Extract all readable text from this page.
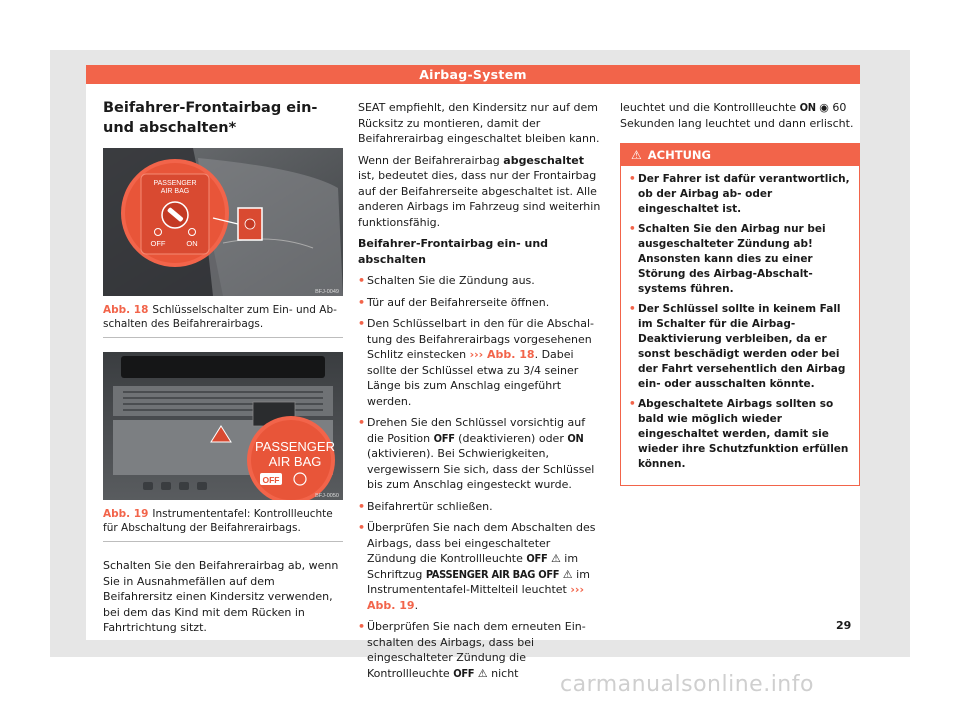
Airbag-System
Beifahrer-Frontairbag ein- und abschalten*
PASSENGER
AIR BAG
OFF	ON
BFJ-0049
Abb. 18 Schlüsselschalter zum Ein- und Abschalten des Beifahrerairbags.
PASSENGER
AIR BAG
OFF
BFJ-0050
Abb. 19 Instrumententafel: Kontrollleuchte für Abschaltung der Beifahrerairbags.

Schalten Sie den Beifahrerairbag ab, wenn Sie in Ausnahmefällen auf dem Beifahrersitz einen Kindersitz verwenden, bei dem das Kind mit dem Rücken in Fahrtrichtung sitzt.

SEAT empfiehlt, den Kindersitz nur auf dem Rücksitz zu montieren, damit der Beifahrerairbag eingeschaltet bleiben kann.

Wenn der Beifahrerairbag abgeschaltet ist, bedeutet dies, dass nur der Frontairbag auf der Beifahrerseite abgeschaltet ist. Alle anderen Airbags im Fahrzeug sind weiterhin funktionsfähig.

Beifahrer-Frontairbag ein- und abschalten
• Schalten Sie die Zündung aus.
• Tür auf der Beifahrerseite öffnen.
• Den Schlüsselbart in den für die Abschaltung des Beifahrerairbags vorgesehenen Schlitz einstecken ››› Abb. 18. Dabei sollte der Schlüssel etwa zu 3/4 seiner Länge bis zum Anschlag eingeführt werden.
• Drehen Sie den Schlüssel vorsichtig auf die Position OFF (deaktivieren) oder ON (aktivieren). Bei Schwierigkeiten, vergewissern Sie sich, dass der Schlüssel bis zum Anschlag eingesteckt wurde.
• Beifahrertür schließen.
• Überprüfen Sie nach dem Abschalten des Airbags, dass bei eingeschalteter Zündung die Kontrollleuchte OFF ⚠ im Schriftzug PASSENGER AIR BAG OFF ⚠ im Instrumententafel-Mittelteil leuchtet ››› Abb. 19.
• Überprüfen Sie nach dem erneuten Einschalten des Airbags, dass bei eingeschalteter Zündung die Kontrollleuchte OFF ⚠ nicht

leuchtet und die Kontrollleuchte ON ◉ 60 Sekunden lang leuchtet und dann erlischt.

⚠ ACHTUNG
• Der Fahrer ist dafür verantwortlich, ob der Airbag ab- oder eingeschaltet ist.
• Schalten Sie den Airbag nur bei ausgeschalteter Zündung ab! Ansonsten kann dies zu einer Störung des Airbag-Abschaltsystems führen.
• Der Schlüssel sollte in keinem Fall im Schalter für die Airbag-Deaktivierung verbleiben, da er sonst beschädigt werden oder bei der Fahrt versehentlich den Airbag ein- oder ausschalten könnte.
• Abgeschaltete Airbags sollten so bald wie möglich wieder eingeschaltet werden, damit sie wieder ihre Schutzfunktion erfüllen können.
29
carmanualsonline.info
